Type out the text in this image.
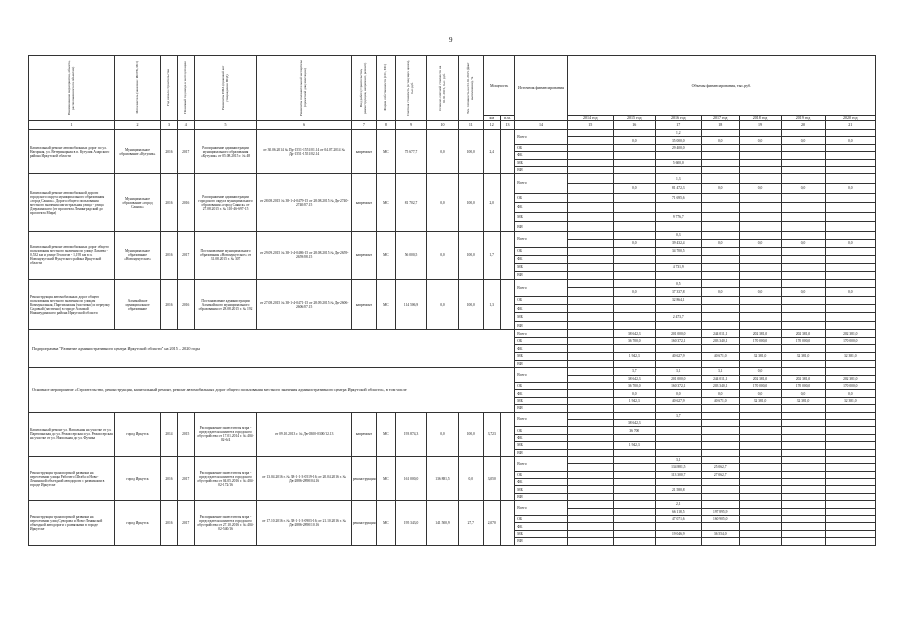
9
Наименование мероприятия, объекта, расположенного по объектам)	Исполнитель (заказчик: ИОГВ, МО)	Год начала строительства	Плановый год ввода в эксплуатацию	Реквизиты НПА (правовой акт утверждения ПСД)	Реквизиты положительной экспертизы (проектной документации)	Вид работ (строительство, реконструкция, капремонт, ремонт)	Форма собственности (ОС, МС)	Сметная стоимость (в текущих ценах), тыс.руб.	Освоено сметной стоимости на 01.01.2015, тыс. руб.	Тех. готовность на 01.01.2015 (факт выполнения), %	Мощность		Источник финансирования	Объемы финансирования, тыс.руб.						
											км	п.м.		2014 год	2015 год	2016 год	2017 год	2018 год	2019 год	2020 год
1	2	3	4	5	6	7	8	9	10	11	12	13	14	15	16	17	18	19	20	21
Капитальный ремонт автомобильных дорог по ул. Нагорная, ул. Ветеринарная в п. Кутулик Аларского района Иркутской области	Муниципальное образование «Кутулик»	2016	2017	Распоряжение администрации муниципального образования «Кутулик» от 05.08.2015 г. № 48	от 30.06.2014 № Пр-1551-1551/01.14 от 04.07.2014 № Др-1551-1551/02.14	капремонт	МС	75 677,7	0,0	100,0	2,4		Всего			1,2				
															0,0	35 000,0	0,0	0,0	0,0	0,0
													ОБ			29 400,0				
													ФБ							
													МБ			5 600,0				
													ВИ							
Капитальный ремонт автомобильной дороги городского округа муниципального образования «город Саянск». Дорога общего пользования местного значения магистральная улица - улица Дзержинского (от проспекта Ленинградский до проспекта Мира)	Муниципальное образование «город Саянск»	2016	2016	Распоряжение администрации городского округа муниципального образования «город Саянск» от 27.08.2015 г. № 110-46-697-15	от 28.08.2015 № 38-1-4-0479-15 от 28.08.2015 № Дв-2740-2740/07.15	капремонт	МС	81 702,7	0,0	100,0	2,0		Всего			1,3				
															0,0	81 472,3	0,0	0,0	0,0	0,0
													ОБ			71 695,6				
													ФБ							
													МБ			9 776,7				
													ВИ							
Капитальный ремонт автомобильных дорог общего пользования местного значения по улице Лазаева - 0,532 км и улице Геологов - 1,195 км в п. Новонукутский Нукутского района Иркутской области	Муниципальное образование «Новонукутское»	2016	2017	Постановление муниципального образования «Новонукутское» от 31.08.2015 г. № 307	от 29.09.2015 № 38-1-4-0486-15 от 28.08.2015 № Дв-2659-2659/08.15	капремонт	МС	56 000,5	0,0	100,0	1,7		Всего			0,3				
															0,0	39 432,4	0,0	0,0	0,0	0,0
													ОБ			34 700,5				
													ФБ							
													МБ			4 731,9				
													ВИ							
Реконструкция автомобильных дорог общего пользования местного значения по улицам Коммунальная, Партизанская (частично) и переулку Садовый (частично) в городе Алзамай Нижнеудинского района Иркутской области	Алзамайское муниципальное образование	2016	2016	Постановление администрации Алзамайского муниципального образования от 28.08.2015 г. № 192	от 27.08.2015 № 38-1-4-0471-15 от 28.09.2015 № Дв-2606-2606/07.15	капремонт	МС	114 506,9	0,0	100,0	1,3		Всего			0,5				
															0,0	37 337,8	0,0	0,0	0,0	0,0
													ОБ			32 864,1				
													ФБ							
													МБ			2 473,7				
													ВИ							
Подпрограмма "Развитие административного центра Иркутской области" на 2015 – 2020 годы													Всего		38 642,3	201 000,0	244 011,1	202 381,0	202 381,0	202 381,0
													ОБ		36 700,0	160 372,1	203 340,1	170 000,0	170 000,0	170 000,0
													ФБ							
													МБ		1 942,3	40 627,9	40 671,0	32 381,0	32 381,0	32 381,0
													ВИ							
Основное мероприятие «Строительство, реконструкция, капитальный ремонт, ремонт автомобильных дорог общего пользования местного значения административного центра Иркутской области», в том числе													Всего		3,7	3,1	3,1	0,0		
															38 642,3	201 000,0	244 011,1	202 381,0	202 381,0	202 381,0
													ОБ		36 700,0	160 372,1	203 340,1	170 000,0	170 000,0	170 000,0
													ФБ		0,0	0,0	0,0	0,0	0,0	0,0
													МБ		1 942,3	40 627,9	40 671,0	32 381,0	32 381,0	32 381,0
													ВИ							
Капитальный ремонт ул. Напольная на участке от ул. Партизанская до ул. Режиссерская и ул. Режиссерская на участке от ул. Напольная до ул. Фучика	город Иркутск	2014	2015	Распоряжение заместителя мэра - председателя комитета городского обустройства от 17.01.2014 г. № 404-02-6/4	от 09.10.2013 г. № Дв-0300-0300/12.13	капремонт	МС	193 874,3	0,0	100,0	3,723		Всего			3,7				
															38 642,3					
													ОБ		36 700					
													ФБ							
													МБ		1 942,3					
													ВИ							
Реконструкция транспортной развязки на пересечении улицы Рабочего Штаба и Ново-Ленинской объездной автодороги с развязками в городе Иркутске	город Иркутск	2016	2017	Распоряжение заместителя мэра - председателя комитета городского обустройства от 04.05.2016 г. № 404-02-172/16	от 13.04.2016 г. № 38-1-1-3-0519-16; от 20.04.2016 г. № Дв-2886-2890/04.16	реконструкция	МС	161 000,0	136 881,5	0,0	3,050		Всего			3,1				
																134 881,5	25 062,7			
													ОБ			113 300,7	27 062,7			
													ФБ							
													МБ			21 580,8				
													ВИ							
Реконструкция транспортной развязки на пересечении улиц Суворова и Ново-Ленинской объездной автодороги с развязками в городе Иркутске	город Иркутск	2016	2017	Распоряжение заместителя мэра - председателя комитета городского обустройства от 27.10.2016 г. № 404-02-540/16	от 17.10.2016 г. № 38-1-1-3-0903-16; от 21.10.2016 г. № Дв-2886-2890/10.16	реконструкция	МС	195 343,0	141 500,9	27,7	2,070		Всего			2,1				
																66 118,5	197 895,9			
													ОБ			47 071,6	160 905,0			
													ФБ							
													МБ			19 046,9	36 554,0			
													ВИ							
